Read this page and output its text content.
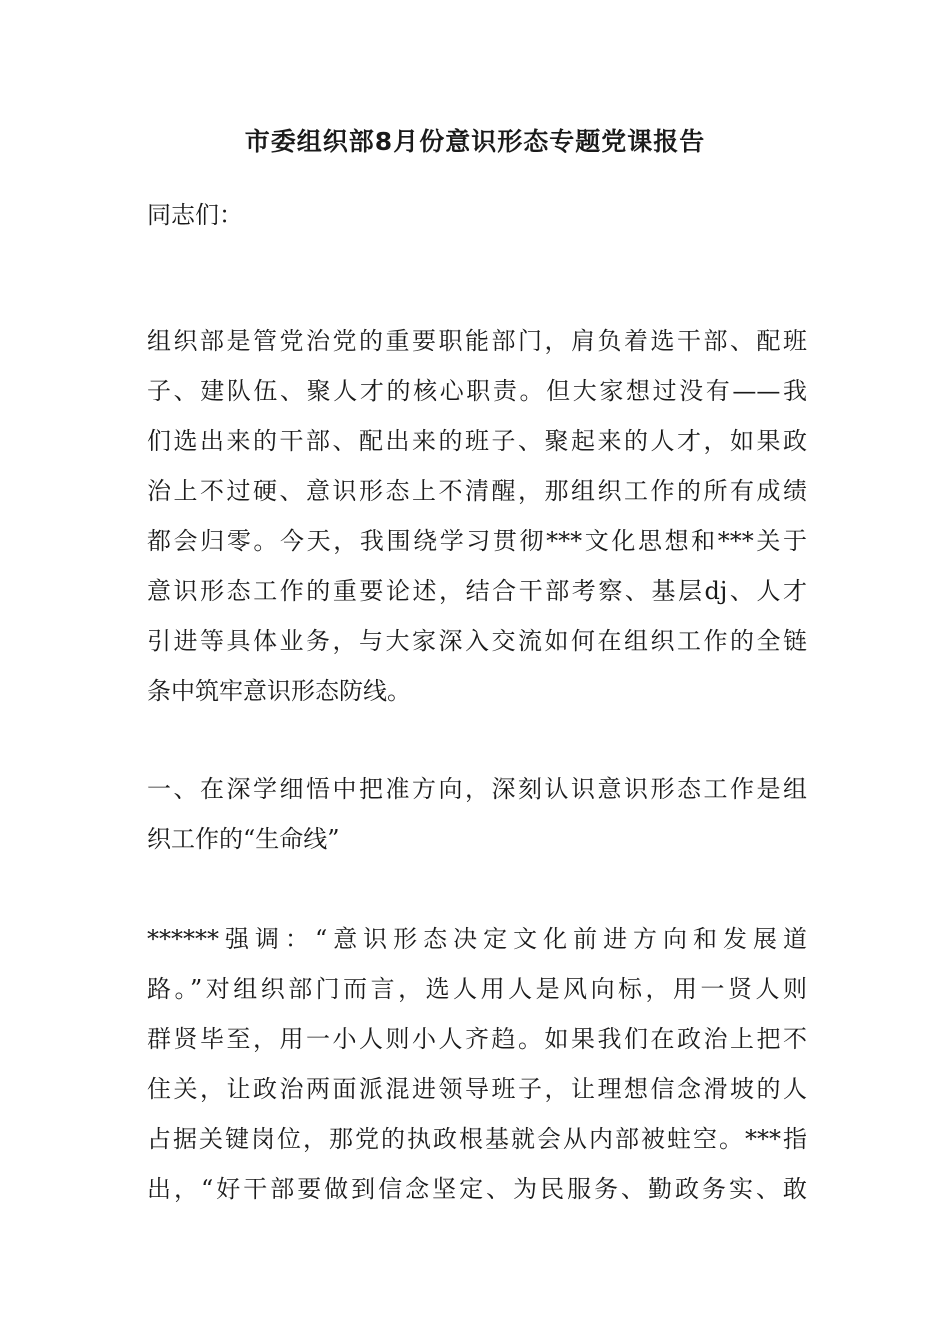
市委组织部8月份意识形态专题党课报告

同志们：

组织部是管党治党的重要职能部门，肩负着选干部、配班

子、建队伍、聚人才的核心职责。但大家想过没有——我

们选出来的干部、配出来的班子、聚起来的人才，如果政

治上不过硬、意识形态上不清醒，那组织工作的所有成绩

都会归零。今天，我围绕学习贯彻***文化思想和***关于

意识形态工作的重要论述，结合干部考察、基层dj、人才

引进等具体业务，与大家深入交流如何在组织工作的全链

条中筑牢意识形态防线。

一、在深学细悟中把准方向，深刻认识意识形态工作是组

织工作的“生命线”

******强调：“意识形态决定文化前进方向和发展道

路。”对组织部门而言，选人用人是风向标，用一贤人则

群贤毕至，用一小人则小人齐趋。如果我们在政治上把不

住关，让政治两面派混进领导班子，让理想信念滑坡的人

占据关键岗位，那党的执政根基就会从内部被蛀空。***指

出，“好干部要做到信念坚定、为民服务、勤政务实、敢
